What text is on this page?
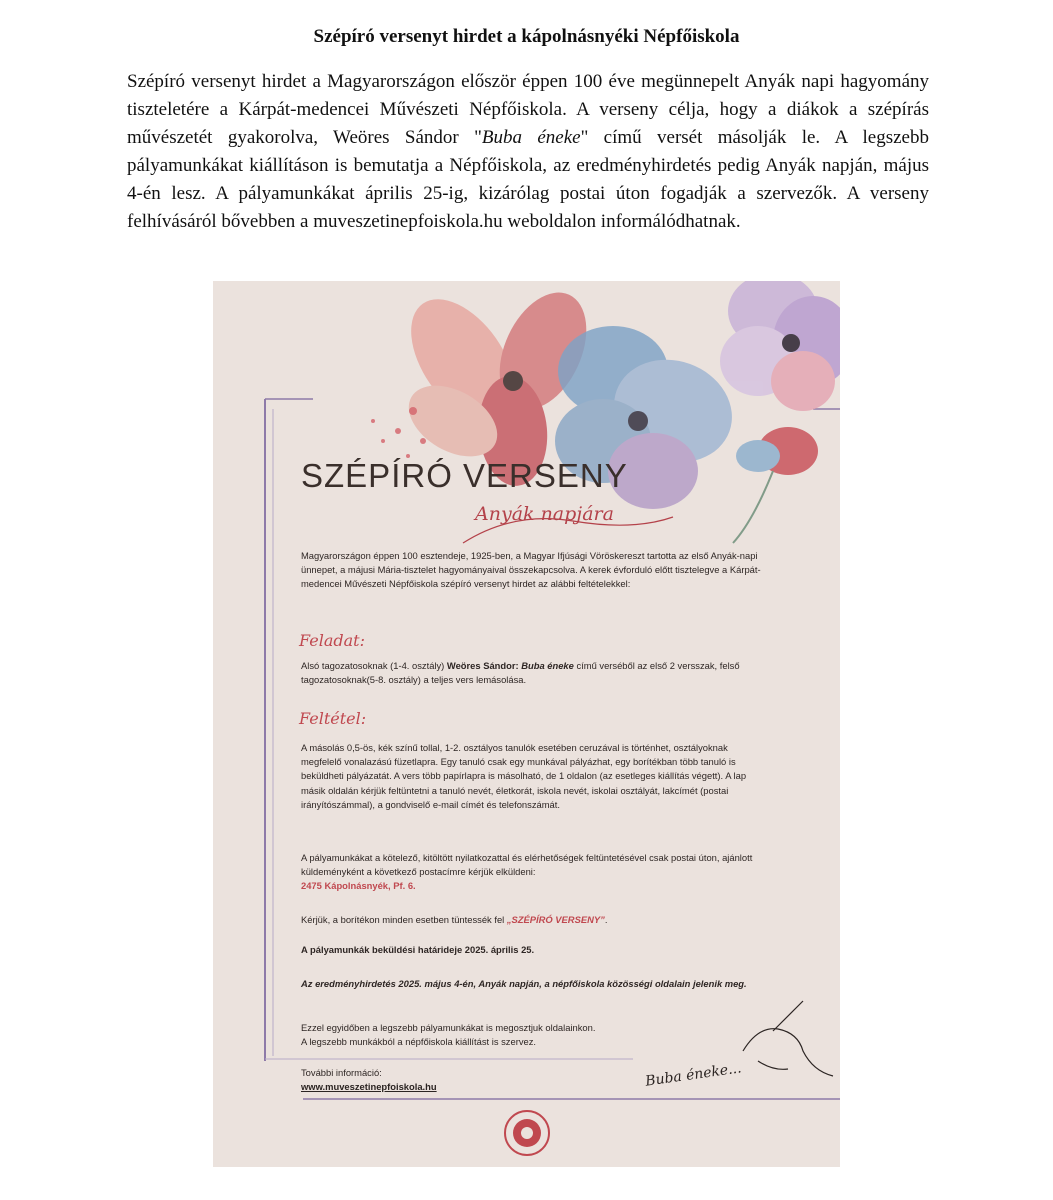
Szépíró versenyt hirdet a kápolnásnyéki Népfőiskola

Szépíró versenyt hirdet a Magyarországon először éppen 100 éve megünnepelt Anyák napi hagyomány tiszteletére a Kárpát-medencei Művészeti Népfőiskola. A verseny célja, hogy a diákok a szépírás művészetét gyakorolva, Weöres Sándor "Buba éneke" című versét másolják le. A legszebb pályamunkákat kiállításon is bemutatja a Népfőiskola, az eredményhirdetés pedig Anyák napján, május 4-én lesz. A pályamunkákat április 25-ig, kizárólag postai úton fogadják a szervezők. A verseny felhívásáról bővebben a muveszetinepfoiskola.hu weboldalon informálódhatnak.

SZÉPÍRÓ VERSENY
Anyák napjára
Magyarországon éppen 100 esztendeje, 1925-ben, a Magyar Ifjúsági Vöröskereszt tartotta az első Anyák-napi ünnepet, a májusi Mária-tisztelet hagyományaival összekapcsolva. A kerek évforduló előtt tisztelegve a Kárpát-medencei Művészeti Népfőiskola szépíró versenyt hirdet az alábbi feltételekkel:
Feladat:
Alsó tagozatosoknak (1-4. osztály) Weöres Sándor: Buba éneke című verséből az első 2 versszak, felső tagozatosoknak(5-8. osztály) a teljes vers lemásolása.
Feltétel:
A másolás 0,5-ös, kék színű tollal, 1-2. osztályos tanulók esetében ceruzával is történhet, osztályoknak megfelelő vonalazású füzetlapra. Egy tanuló csak egy munkával pályázhat, egy borítékban több tanuló is beküldheti pályázatát. A vers több papírlapra is másolható, de 1 oldalon (az esetleges kiállítás végett). A lap másik oldalán kérjük feltüntetni a tanuló nevét, életkorát, iskola nevét, iskolai osztályát, lakcímét (postai irányítószámmal), a gondviselő e-mail címét és telefonszámát.
A pályamunkákat a kötelező, kitöltött nyilatkozattal és elérhetőségek feltüntetésével csak postai úton, ajánlott küldeményként a következő postacímre kérjük elküldeni:
2475 Kápolnásnyék, Pf. 6.
Kérjük, a borítékon minden esetben tüntessék fel „SZÉPÍRÓ VERSENY”.
A pályamunkák beküldési határideje 2025. április 25.
Az eredményhirdetés 2025. május 4-én, Anyák napján, a népfőiskola közösségi oldalain jelenik meg.
Ezzel egyidőben a legszebb pályamunkákat is megosztjuk oldalainkon.
A legszebb munkákból a népfőiskola kiállítást is szervez.
További információ:
www.muveszetinepfoiskola.hu	Buba éneke...
